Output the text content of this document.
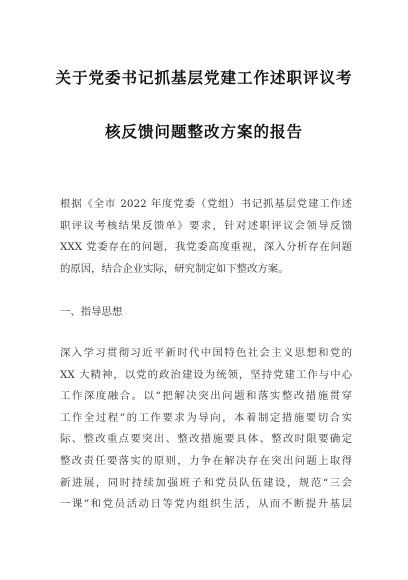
关于党委书记抓基层党建工作述职评议考
核反馈问题整改方案的报告
根据《全市 2022 年度党委（党组）书记抓基层党建工作述
职评议考核结果反馈单》要求，针对述职评议会领导反馈
XXX 党委存在的问题，我党委高度重视，深入分析存在问题
的原因，结合企业实际，研究制定如下整改方案。
一、指导思想
深入学习贯彻习近平新时代中国特色社会主义思想和党的
XX 大精神，以党的政治建设为统领，坚持党建工作与中心
工作深度融合。以“把解决突出问题和落实整改措施贯穿
工作全过程”的工作要求为导向，本着制定措施要切合实
际、整改重点要突出、整改措施要具体、整改时限要确定
整改责任要落实的原则，力争在解决存在突出问题上取得
新进展，同时持续加强班子和党员队伍建设，规范“三会
一课”和党员活动日等党内组织生活，从而不断提升基层
